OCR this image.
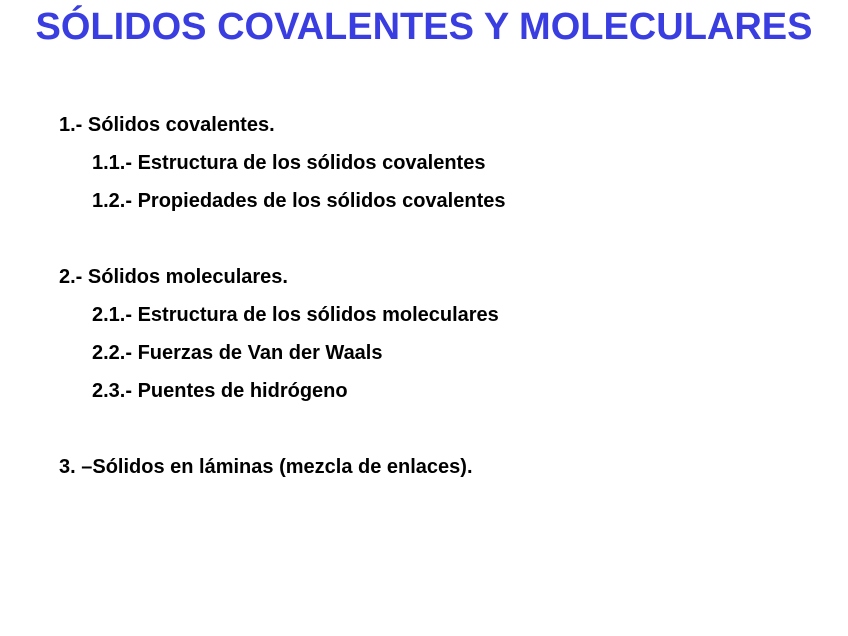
SÓLIDOS COVALENTES Y MOLECULARES
1.- Sólidos covalentes.
1.1.- Estructura de los sólidos covalentes
1.2.- Propiedades de los sólidos covalentes
2.- Sólidos moleculares.
2.1.- Estructura de los sólidos moleculares
2.2.- Fuerzas de Van der Waals
2.3.- Puentes de hidrógeno
3. –Sólidos en láminas (mezcla de enlaces).
